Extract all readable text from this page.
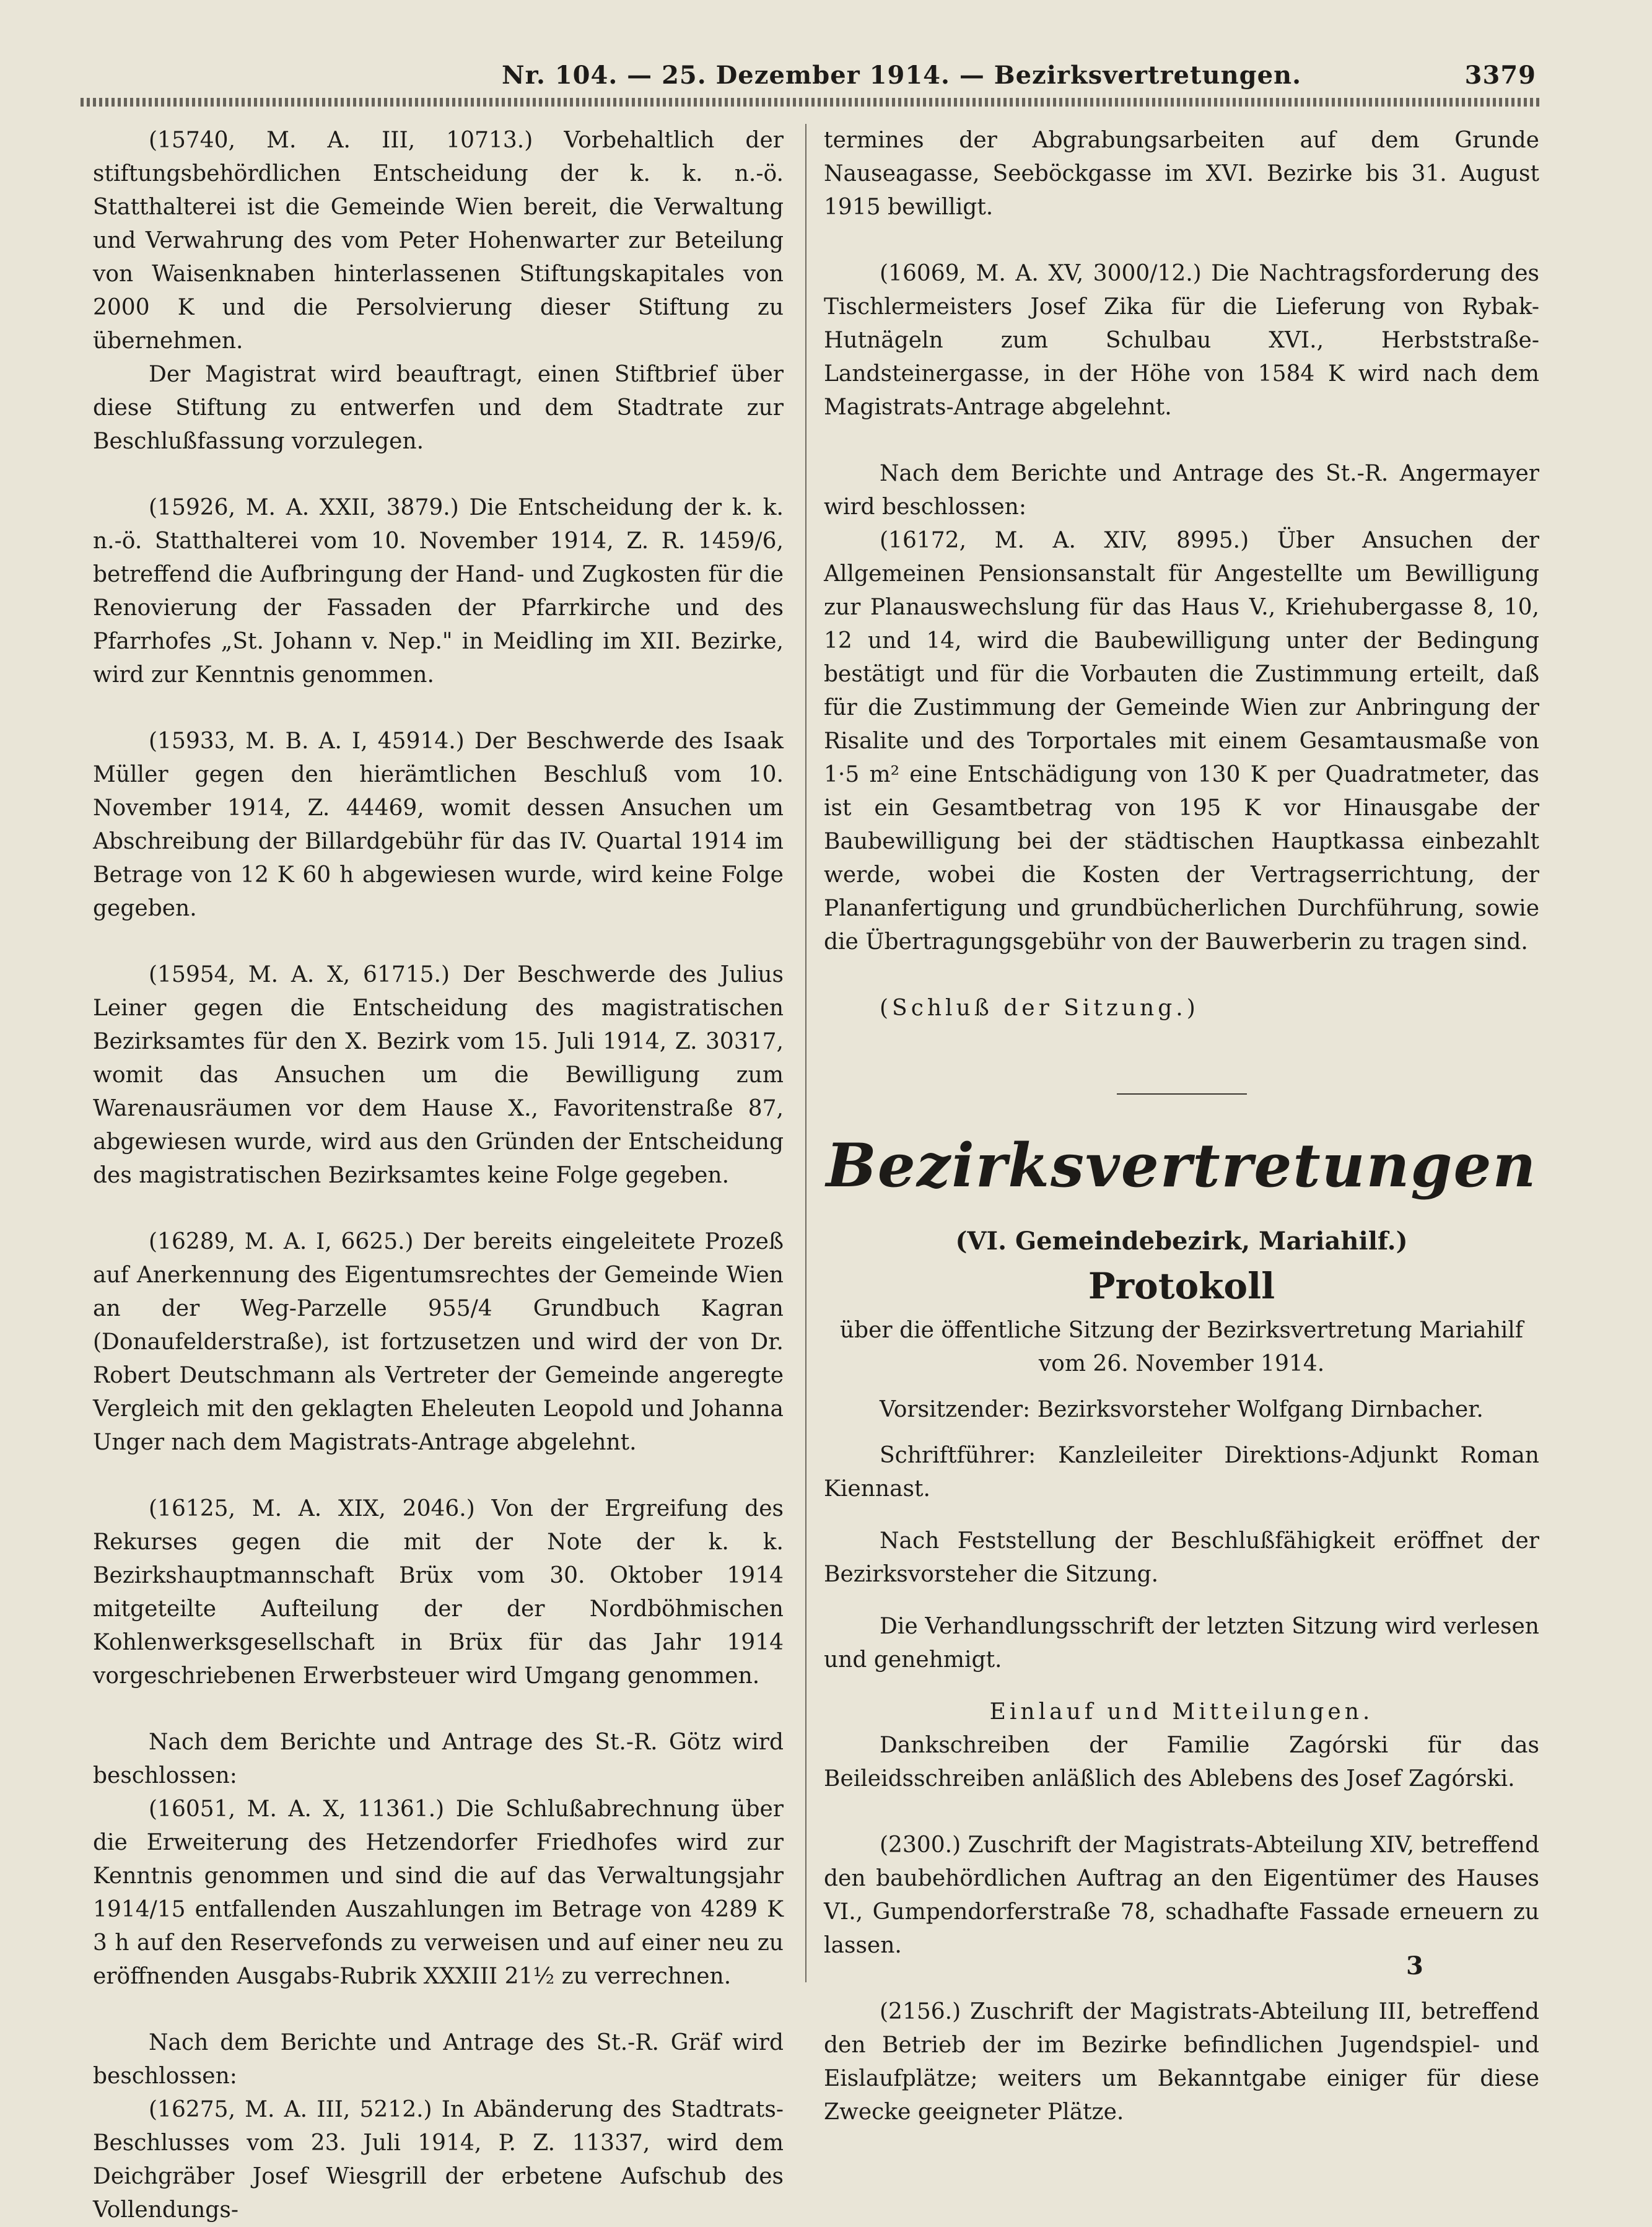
Nr. 104. — 25. Dezember 1914. — Bezirksvertretungen.	3379

(15740, M. A. III, 10713.) Vorbehaltlich der stiftungsbehördlichen Entscheidung der k. k. n.-ö. Statthalterei ist die Gemeinde Wien bereit, die Verwaltung und Verwahrung des vom Peter Hohenwarter zur Beteilung von Waisenknaben hinterlassenen Stiftungskapitales von 2000 K und die Persolvierung dieser Stiftung zu übernehmen.

Der Magistrat wird beauftragt, einen Stiftbrief über diese Stiftung zu entwerfen und dem Stadtrate zur Beschlußfassung vorzulegen.

(15926, M. A. XXII, 3879.) Die Entscheidung der k. k. n.-ö. Statthalterei vom 10. November 1914, Z. R. 1459/6, betreffend die Aufbringung der Hand- und Zugkosten für die Renovierung der Fassaden der Pfarrkirche und des Pfarrhofes „St. Johann v. Nep." in Meidling im XII. Bezirke, wird zur Kenntnis genommen.

(15933, M. B. A. I, 45914.) Der Beschwerde des Isaak Müller gegen den hierämtlichen Beschluß vom 10. November 1914, Z. 44469, womit dessen Ansuchen um Abschreibung der Billardgebühr für das IV. Quartal 1914 im Betrage von 12 K 60 h abgewiesen wurde, wird keine Folge gegeben.

(15954, M. A. X, 61715.) Der Beschwerde des Julius Leiner gegen die Entscheidung des magistratischen Bezirksamtes für den X. Bezirk vom 15. Juli 1914, Z. 30317, womit das Ansuchen um die Bewilligung zum Warenausräumen vor dem Hause X., Favoritenstraße 87, abgewiesen wurde, wird aus den Gründen der Entscheidung des magistratischen Bezirksamtes keine Folge gegeben.

(16289, M. A. I, 6625.) Der bereits eingeleitete Prozeß auf Anerkennung des Eigentumsrechtes der Gemeinde Wien an der Weg-Parzelle 955/4 Grundbuch Kagran (Donaufelderstraße), ist fortzusetzen und wird der von Dr. Robert Deutschmann als Vertreter der Gemeinde angeregte Vergleich mit den geklagten Eheleuten Leopold und Johanna Unger nach dem Magistrats-Antrage abgelehnt.

(16125, M. A. XIX, 2046.) Von der Ergreifung des Rekurses gegen die mit der Note der k. k. Bezirkshauptmannschaft Brüx vom 30. Oktober 1914 mitgeteilte Aufteilung der der Nordböhmischen Kohlenwerksgesellschaft in Brüx für das Jahr 1914 vorgeschriebenen Erwerbsteuer wird Umgang genommen.

Nach dem Berichte und Antrage des St.-R. Götz wird beschlossen:

(16051, M. A. X, 11361.) Die Schlußabrechnung über die Erweiterung des Hetzendorfer Friedhofes wird zur Kenntnis genommen und sind die auf das Verwaltungsjahr 1914/15 entfallenden Auszahlungen im Betrage von 4289 K 3 h auf den Reservefonds zu verweisen und auf einer neu zu eröffnenden Ausgabs-Rubrik XXXIII 21½ zu verrechnen.

Nach dem Berichte und Antrage des St.-R. Gräf wird beschlossen:

(16275, M. A. III, 5212.) In Abänderung des Stadtrats-Beschlusses vom 23. Juli 1914, P. Z. 11337, wird dem Deichgräber Josef Wiesgrill der erbetene Aufschub des Vollendungs-

termines der Abgrabungsarbeiten auf dem Grunde Nauseagasse, Seeböckgasse im XVI. Bezirke bis 31. August 1915 bewilligt.

(16069, M. A. XV, 3000/12.) Die Nachtragsforderung des Tischlermeisters Josef Zika für die Lieferung von Rybak-Hutnägeln zum Schulbau XVI., Herbststraße-Landsteinergasse, in der Höhe von 1584 K wird nach dem Magistrats-Antrage abgelehnt.

Nach dem Berichte und Antrage des St.-R. Angermayer wird beschlossen:

(16172, M. A. XIV, 8995.) Über Ansuchen der Allgemeinen Pensionsanstalt für Angestellte um Bewilligung zur Planauswechslung für das Haus V., Kriehubergasse 8, 10, 12 und 14, wird die Baubewilligung unter der Bedingung bestätigt und für die Vorbauten die Zustimmung erteilt, daß für die Zustimmung der Gemeinde Wien zur Anbringung der Risalite und des Torportales mit einem Gesamtausmaße von 1·5 m² eine Entschädigung von 130 K per Quadratmeter, das ist ein Gesamtbetrag von 195 K vor Hinausgabe der Baubewilligung bei der städtischen Hauptkassa einbezahlt werde, wobei die Kosten der Vertragserrichtung, der Plananfertigung und grundbücherlichen Durchführung, sowie die Übertragungsgebühr von der Bauwerberin zu tragen sind.

(Schluß der Sitzung.)

Bezirksvertretungen
(VI. Gemeindebezirk, Mariahilf.)
Protokoll

über die öffentliche Sitzung der Bezirksvertretung Mariahilf vom 26. November 1914.

Vorsitzender: Bezirksvorsteher Wolfgang Dirnbacher.

Schriftführer: Kanzleileiter Direktions-Adjunkt Roman Kiennast.

Nach Feststellung der Beschlußfähigkeit eröffnet der Bezirksvorsteher die Sitzung.

Die Verhandlungsschrift der letzten Sitzung wird verlesen und genehmigt.

Einlauf und Mitteilungen.

Dankschreiben der Familie Zagórski für das Beileidsschreiben anläßlich des Ablebens des Josef Zagórski.

(2300.) Zuschrift der Magistrats-Abteilung XIV, betreffend den baubehördlichen Auftrag an den Eigentümer des Hauses VI., Gumpendorferstraße 78, schadhafte Fassade erneuern zu lassen.

(2156.) Zuschrift der Magistrats-Abteilung III, betreffend den Betrieb der im Bezirke befindlichen Jugendspiel- und Eislaufplätze; weiters um Bekanntgabe einiger für diese Zwecke geeigneter Plätze.

3
